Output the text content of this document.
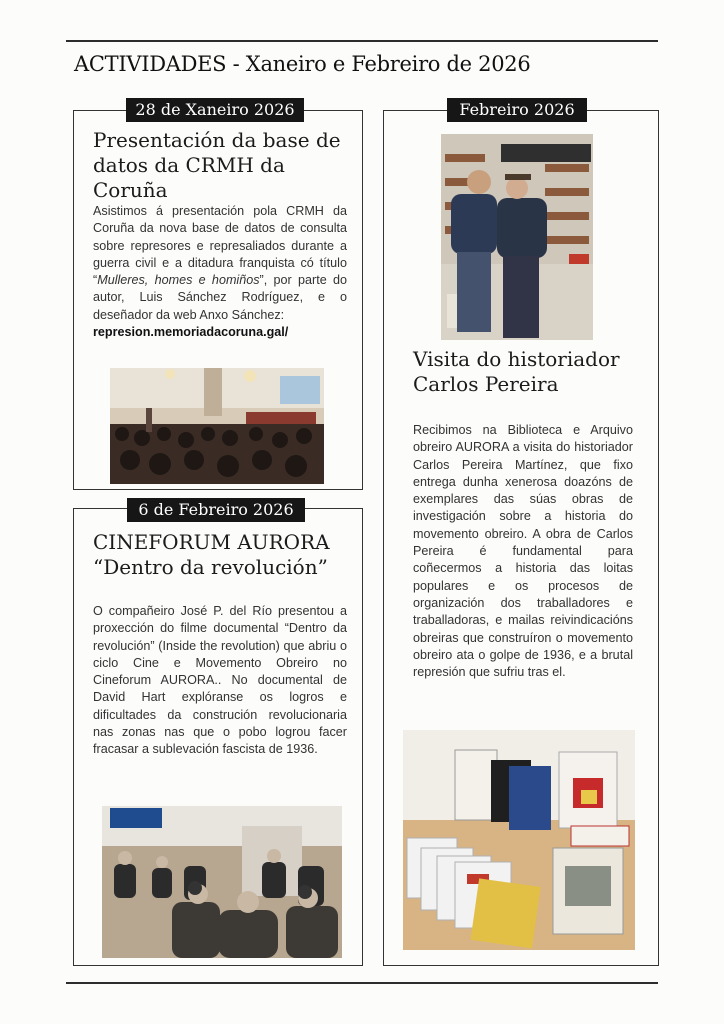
ACTIVIDADES - Xaneiro e Febreiro de 2026
28 de Xaneiro 2026
Presentación da base de
datos da CRMH da Coruña

Asistimos á presentación pola CRMH da Coruña da nova base de datos de consulta sobre represores e represaliados durante a guerra civil e a ditadura franquista có título “Mulleres, homes e homiños”, por parte do autor, Luis Sánchez Rodríguez, e o deseñador da web Anxo Sánchez:
represion.memoriadacoruna.gal/

6 de Febreiro 2026
CINEFORUM AURORA
“Dentro da revolución”

O compañeiro José P. del Río presentou a proxección do filme documental “Dentro da revolución” (Inside the revolution) que abriu o ciclo Cine e Movemento Obreiro no Cineforum AURORA.. No documental de David Hart explóranse os logros e dificultades da construción revolucionaria nas zonas nas que o pobo logrou facer fracasar a sublevación fascista de 1936.

Febreiro 2026
Visita do historiador
Carlos Pereira

Recibimos na Biblioteca e Arquivo obreiro AURORA a visita do historiador Carlos Pereira Martínez, que fixo entrega dunha xenerosa doazóns de exemplares das súas obras de investigación sobre a historia do movemento obreiro. A obra de Carlos Pereira é fundamental para coñecermos a historia das loitas populares e os procesos de organización dos traballadores e traballadoras, e mailas reivindicacións obreiras que construíron o movemento obreiro ata o golpe de 1936, e a brutal represión que sufriu tras el.
